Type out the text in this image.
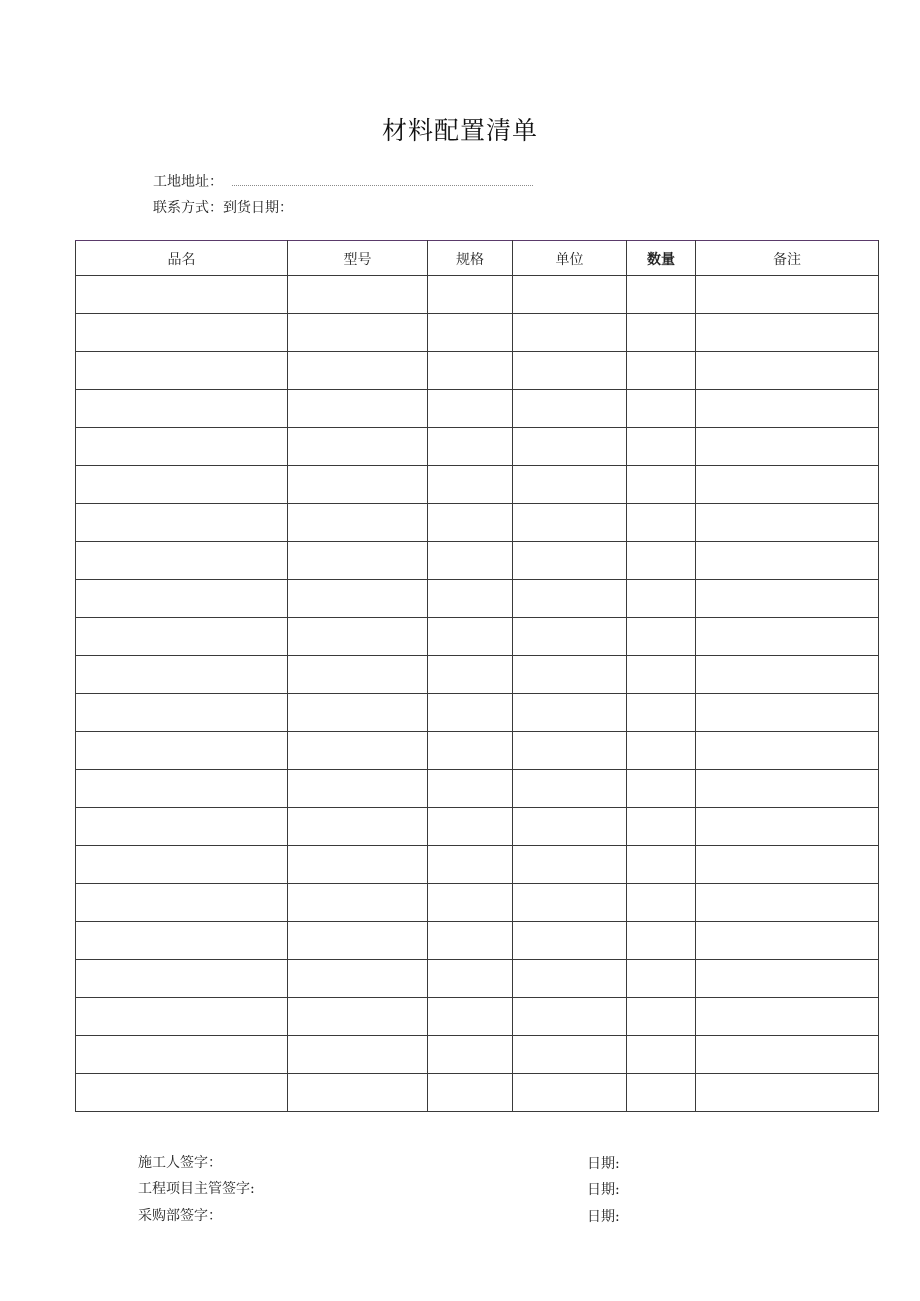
材料配置清单
工地地址：
联系方式：到货日期：
品名	型号	规格	单位	数量	备注

施工人签字：	日期:
工程项目主管签字:	日期:
采购部签字：	日期:
